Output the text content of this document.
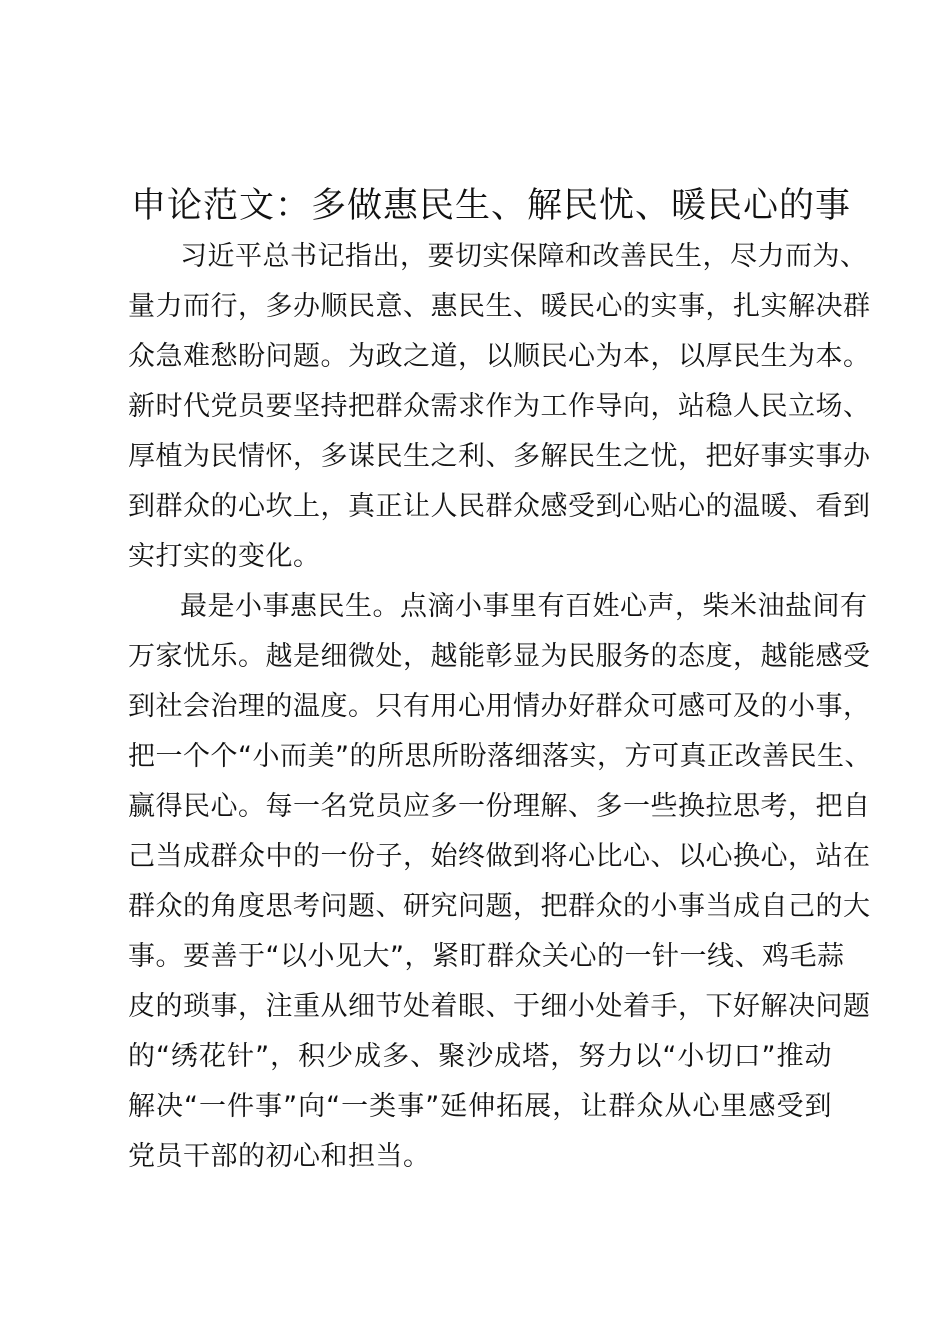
申论范文：多做惠民生、解民忧、暖民心的事
习近平总书记指出，要切实保障和改善民生，尽力而为、
量力而行，多办顺民意、惠民生、暖民心的实事，扎实解决群
众急难愁盼问题。为政之道，以顺民心为本，以厚民生为本。
新时代党员要坚持把群众需求作为工作导向，站稳人民立场、
厚植为民情怀，多谋民生之利、多解民生之忧，把好事实事办
到群众的心坎上，真正让人民群众感受到心贴心的温暖、看到
实打实的变化。
最是小事惠民生。点滴小事里有百姓心声，柴米油盐间有
万家忧乐。越是细微处，越能彰显为民服务的态度，越能感受
到社会治理的温度。只有用心用情办好群众可感可及的小事，
把一个个“小而美”的所思所盼落细落实，方可真正改善民生、
赢得民心。每一名党员应多一份理解、多一些换拉思考，把自
己当成群众中的一份子，始终做到将心比心、以心换心，站在
群众的角度思考问题、研究问题，把群众的小事当成自己的大
事。要善于“以小见大”，紧盯群众关心的一针一线、鸡毛蒜
皮的琐事，注重从细节处着眼、于细小处着手，下好解决问题
的“绣花针”，积少成多、聚沙成塔，努力以“小切口”推动
解决“一件事”向“一类事”延伸拓展，让群众从心里感受到
党员干部的初心和担当。
